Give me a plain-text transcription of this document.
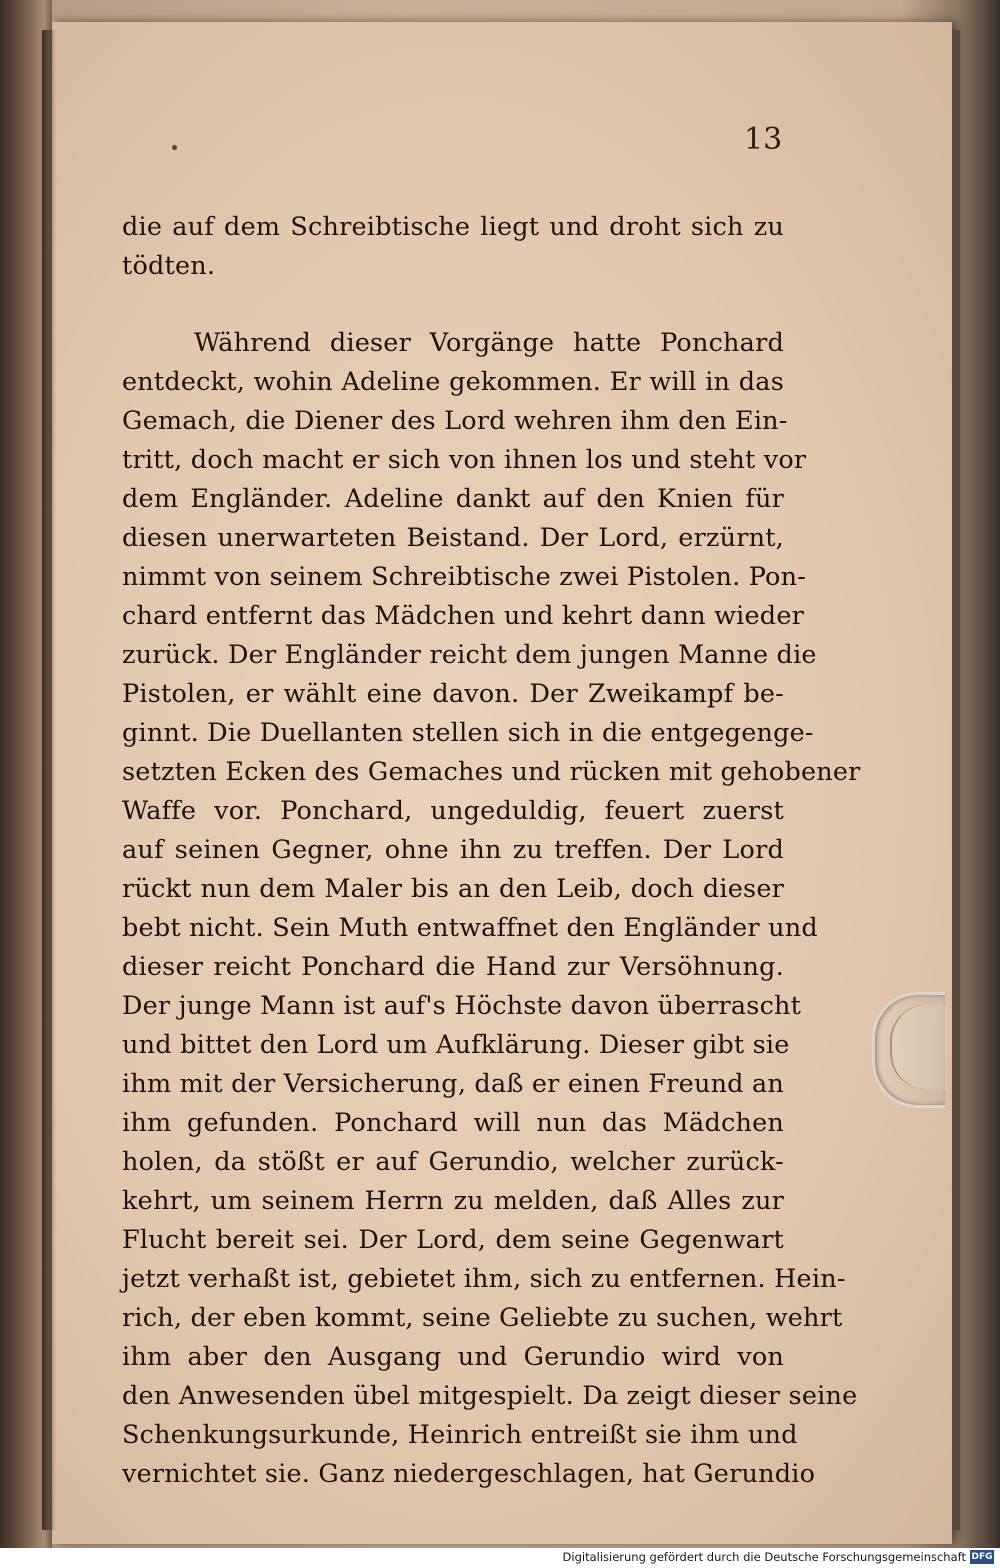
13
die auf dem Schreibtische liegt und droht sich zu
tödten.
Während dieser Vorgänge hatte Ponchard
entdeckt, wohin Adeline gekommen. Er will in das
Gemach, die Diener des Lord wehren ihm den Ein-
tritt, doch macht er sich von ihnen los und steht vor
dem Engländer. Adeline dankt auf den Knien für
diesen unerwarteten Beistand. Der Lord, erzürnt,
nimmt von seinem Schreibtische zwei Pistolen. Pon-
chard entfernt das Mädchen und kehrt dann wieder
zurück. Der Engländer reicht dem jungen Manne die
Pistolen, er wählt eine davon. Der Zweikampf be-
ginnt. Die Duellanten stellen sich in die entgegenge-
setzten Ecken des Gemaches und rücken mit gehobener
Waffe vor. Ponchard, ungeduldig, feuert zuerst
auf seinen Gegner, ohne ihn zu treffen. Der Lord
rückt nun dem Maler bis an den Leib, doch dieser
bebt nicht. Sein Muth entwaffnet den Engländer und
dieser reicht Ponchard die Hand zur Versöhnung.
Der junge Mann ist auf's Höchste davon überrascht
und bittet den Lord um Aufklärung. Dieser gibt sie
ihm mit der Versicherung, daß er einen Freund an
ihm gefunden. Ponchard will nun das Mädchen
holen, da stößt er auf Gerundio, welcher zurück-
kehrt, um seinem Herrn zu melden, daß Alles zur
Flucht bereit sei. Der Lord, dem seine Gegenwart
jetzt verhaßt ist, gebietet ihm, sich zu entfernen. Hein-
rich, der eben kommt, seine Geliebte zu suchen, wehrt
ihm aber den Ausgang und Gerundio wird von
den Anwesenden übel mitgespielt. Da zeigt dieser seine
Schenkungsurkunde, Heinrich entreißt sie ihm und
vernichtet sie. Ganz niedergeschlagen, hat Gerundio
Digitalisierung gefördert durch die Deutsche Forschungsgemeinschaft DFG
